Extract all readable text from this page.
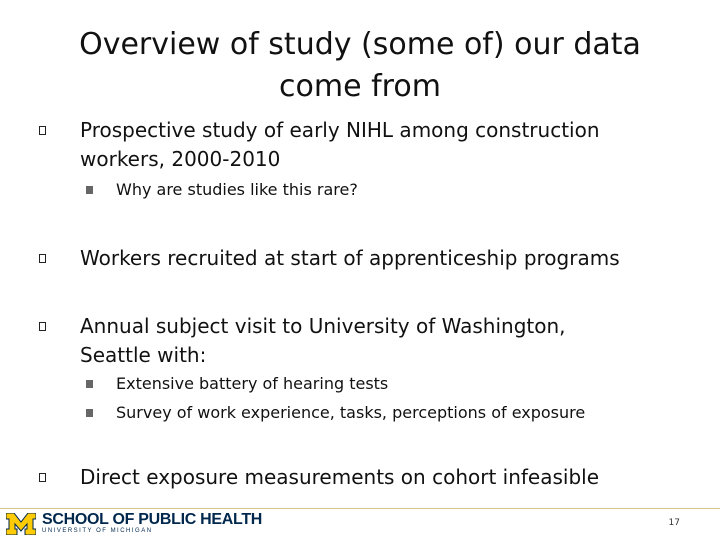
Overview of study (some of) our data
come from
Prospective study of early NIHL among construction
workers, 2000-2010
Why are studies like this rare?
Workers recruited at start of apprenticeship programs
Annual subject visit to University of Washington,
Seattle with:
Extensive battery of hearing tests
Survey of work experience, tasks, perceptions of exposure
Direct exposure measurements on cohort infeasible
SCHOOL OF PUBLIC HEALTH
UNIVERSITY OF MICHIGAN
17
